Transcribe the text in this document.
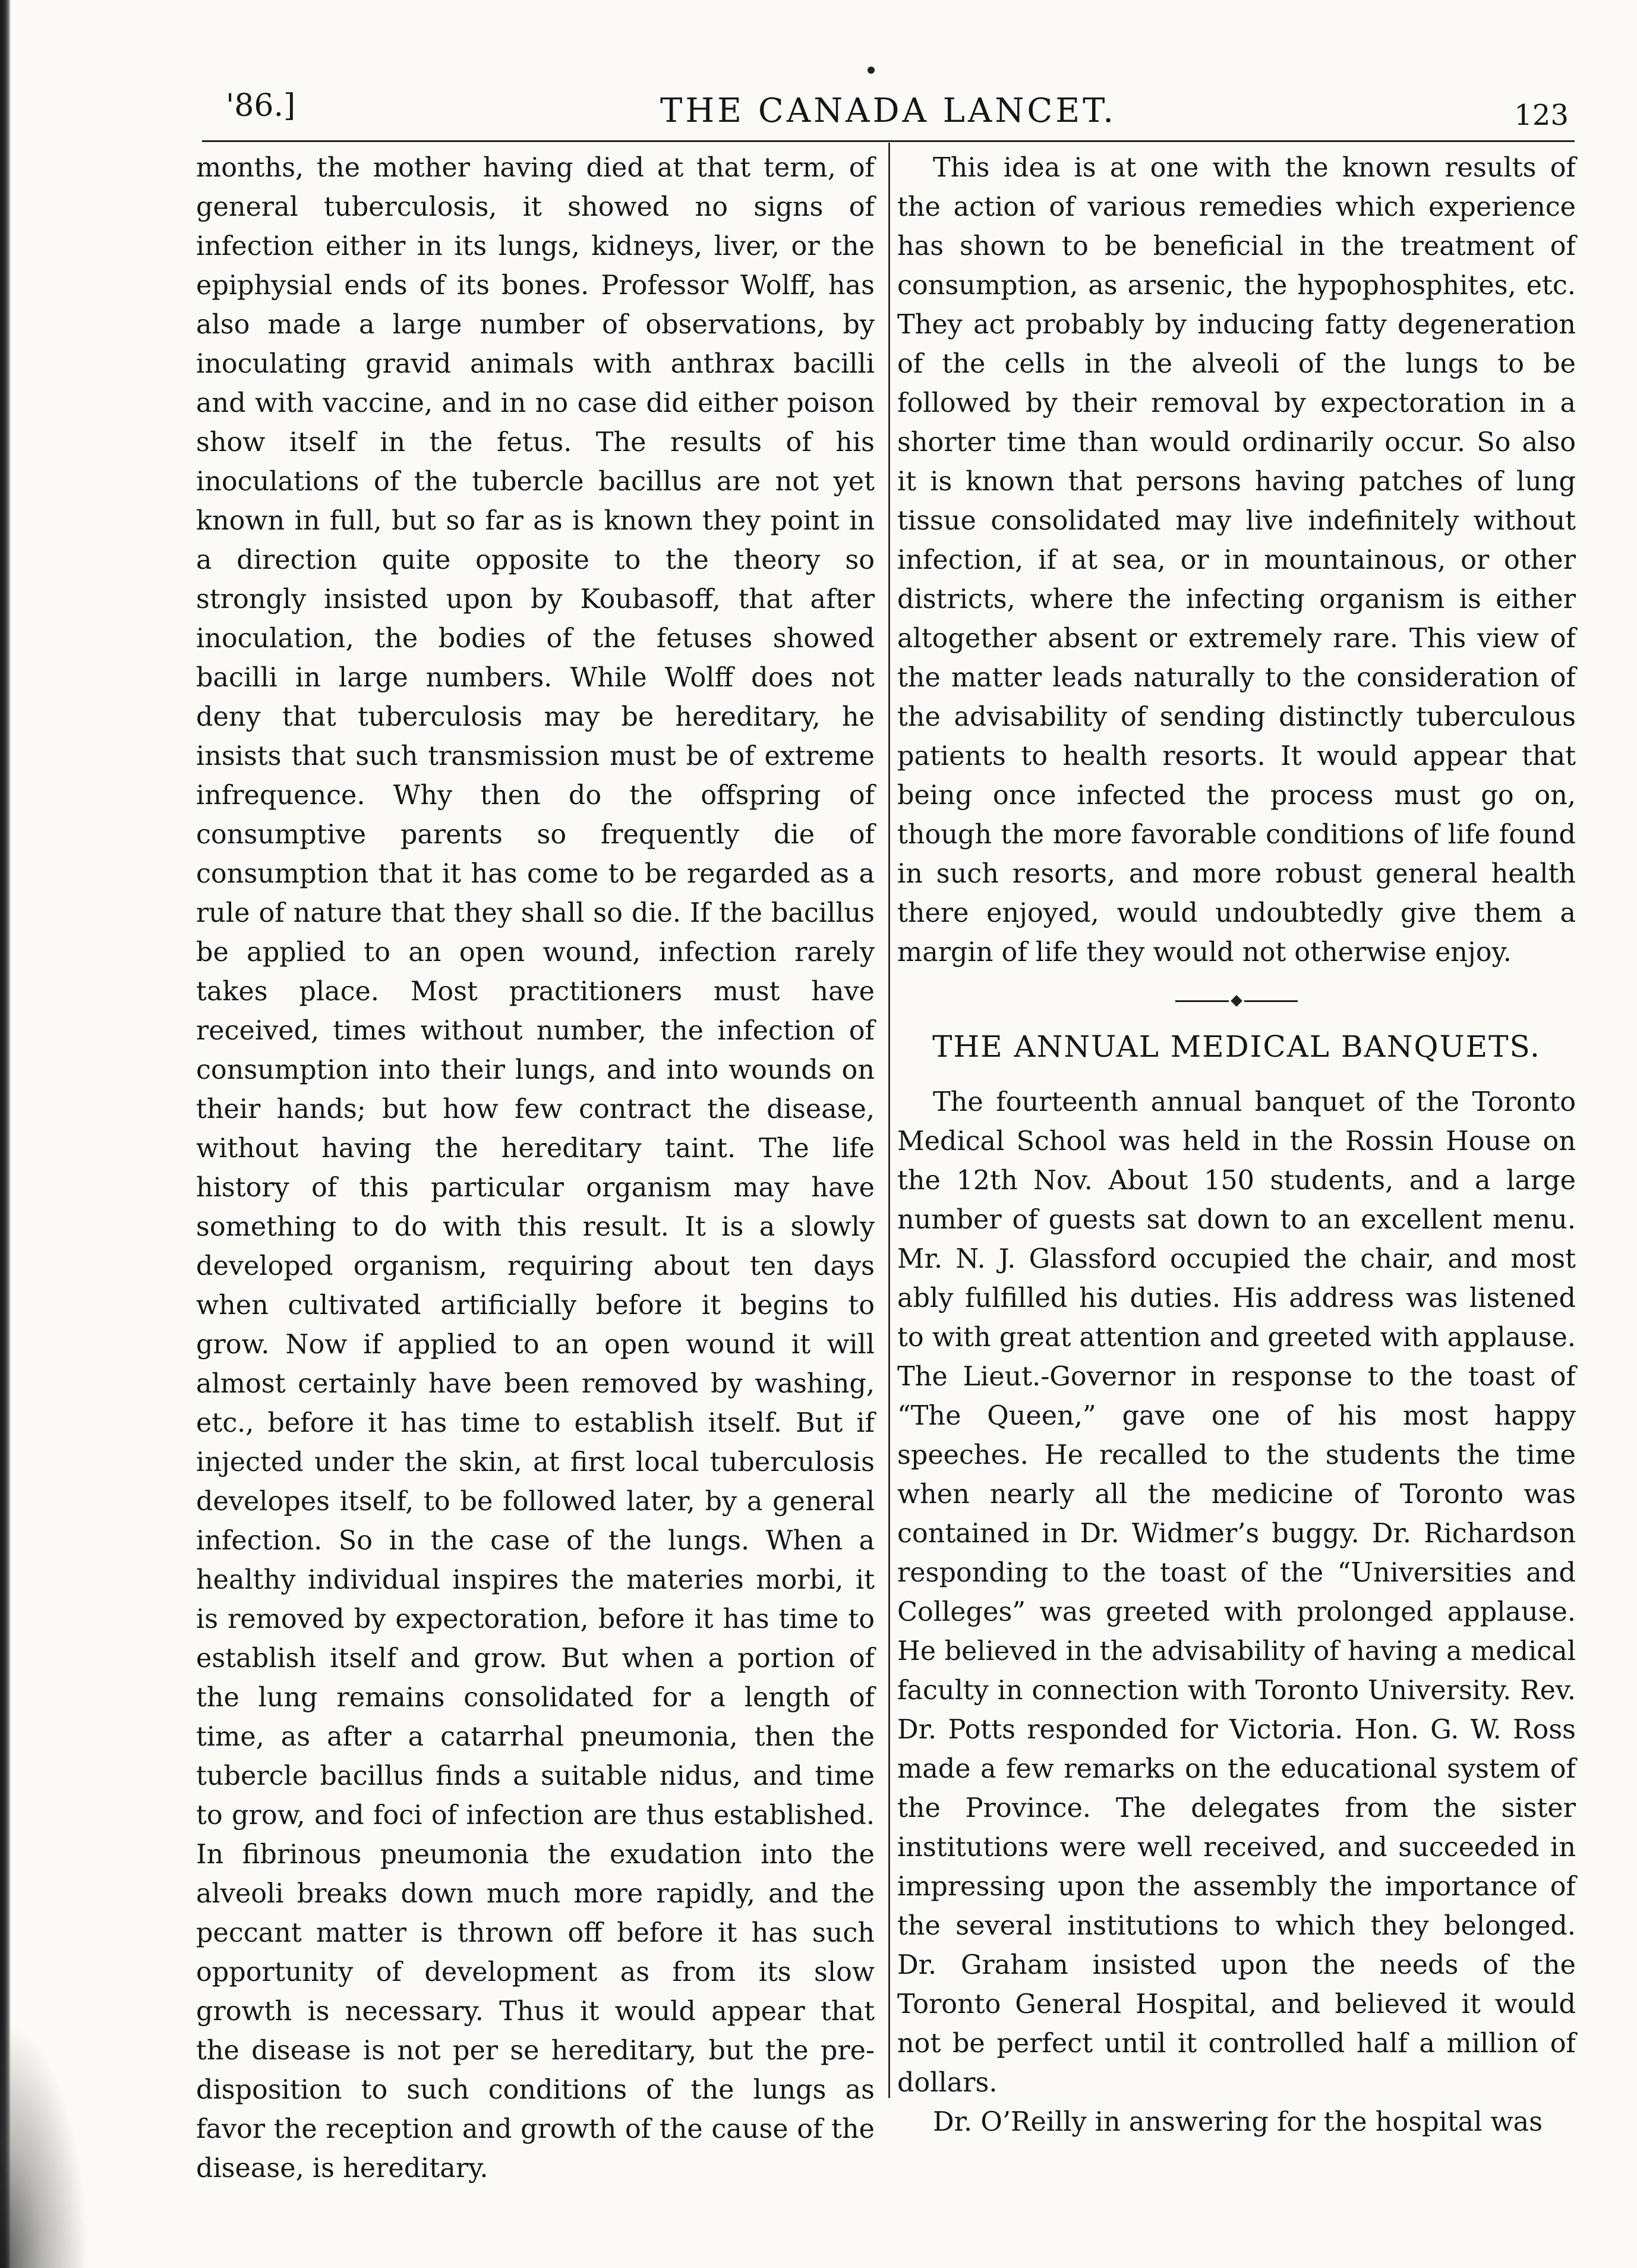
'86.]	THE CANADA LANCET.	123

months, the mother having died at that term, of general tuberculosis, it showed no signs of infection either in its lungs, kidneys, liver, or the epiphysial ends of its bones. Professor Wolff, has also made a large number of observations, by inoculating gravid animals with anthrax bacilli and with vaccine, and in no case did either poison show itself in the fetus. The results of his inoculations of the tubercle bacillus are not yet known in full, but so far as is known they point in a direction quite opposite to the theory so strongly insisted upon by Koubasoff, that after inoculation, the bodies of the fetuses showed bacilli in large numbers. While Wolff does not deny that tuberculosis may be hereditary, he insists that such transmission must be of extreme infrequence. Why then do the offspring of consumptive parents so frequently die of consumption that it has come to be regarded as a rule of nature that they shall so die. If the bacillus be applied to an open wound, infection rarely takes place. Most practitioners must have received, times without number, the infection of consumption into their lungs, and into wounds on their hands; but how few contract the disease, without having the hereditary taint. The life history of this particular organism may have something to do with this result. It is a slowly developed organism, requiring about ten days when cultivated artificially before it begins to grow. Now if applied to an open wound it will almost certainly have been removed by washing, etc., before it has time to establish itself. But if injected under the skin, at first local tuberculosis developes itself, to be followed later, by a general infection. So in the case of the lungs. When a healthy individual inspires the materies morbi, it is removed by expectoration, before it has time to establish itself and grow. But when a portion of the lung remains consolidated for a length of time, as after a catarrhal pneumonia, then the tubercle bacillus finds a suitable nidus, and time to grow, and foci of infection are thus established. In fibrinous pneumonia the exudation into the alveoli breaks down much more rapidly, and the peccant matter is thrown off before it has such opportunity of development as from its slow growth is necessary. Thus it would appear that the disease is not per se hereditary, but the pre-disposition to such conditions of the lungs as favor the reception and growth of the cause of the disease, is hereditary.

This idea is at one with the known results of the action of various remedies which experience has shown to be beneficial in the treatment of consumption, as arsenic, the hypophosphites, etc. They act probably by inducing fatty degeneration of the cells in the alveoli of the lungs to be followed by their removal by expectoration in a shorter time than would ordinarily occur. So also it is known that persons having patches of lung tissue consolidated may live indefinitely without infection, if at sea, or in mountainous, or other districts, where the infecting organism is either altogether absent or extremely rare. This view of the matter leads naturally to the consideration of the advisability of sending distinctly tuberculous patients to health resorts. It would appear that being once infected the process must go on, though the more favorable conditions of life found in such resorts, and more robust general health there enjoyed, would undoubtedly give them a margin of life they would not otherwise enjoy.

THE ANNUAL MEDICAL BANQUETS.

The fourteenth annual banquet of the Toronto Medical School was held in the Rossin House on the 12th Nov. About 150 students, and a large number of guests sat down to an excellent menu. Mr. N. J. Glassford occupied the chair, and most ably fulfilled his duties. His address was listened to with great attention and greeted with applause. The Lieut.-Governor in response to the toast of “The Queen,” gave one of his most happy speeches. He recalled to the students the time when nearly all the medicine of Toronto was contained in Dr. Widmer’s buggy. Dr. Richardson responding to the toast of the “Universities and Colleges” was greeted with prolonged applause. He believed in the advisability of having a medical faculty in connection with Toronto University. Rev. Dr. Potts responded for Victoria. Hon. G. W. Ross made a few remarks on the educational system of the Province. The delegates from the sister institutions were well received, and succeeded in impressing upon the assembly the importance of the several institutions to which they belonged. Dr. Graham insisted upon the needs of the Toronto General Hospital, and believed it would not be perfect until it controlled half a million of dollars.

Dr. O’Reilly in answering for the hospital was
